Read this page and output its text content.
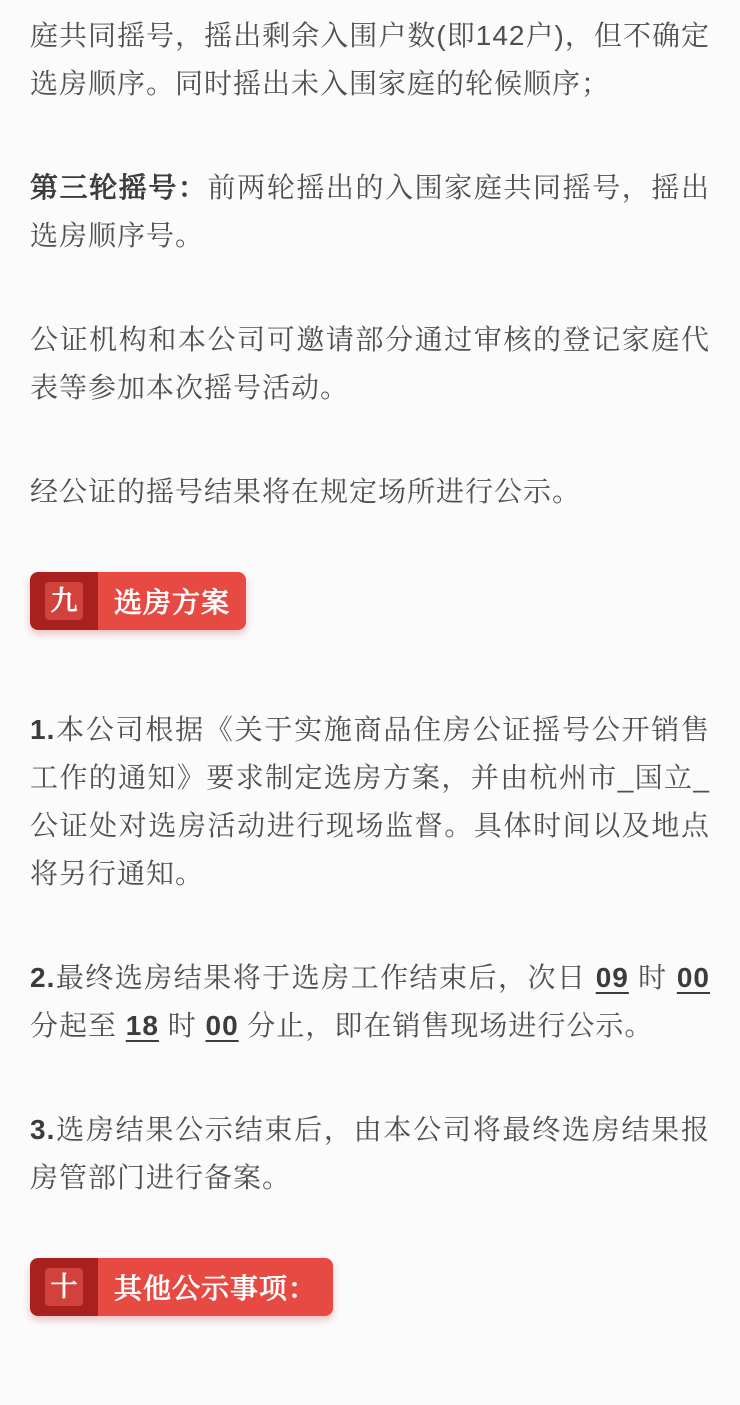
庭共同摇号，摇出剩余入围户数(即142户)，但不确定选房顺序。同时摇出未入围家庭的轮候顺序；

第三轮摇号：前两轮摇出的入围家庭共同摇号，摇出选房顺序号。

公证机构和本公司可邀请部分通过审核的登记家庭代表等参加本次摇号活动。

经公证的摇号结果将在规定场所进行公示。

九	选房方案

1.本公司根据《关于实施商品住房公证摇号公开销售工作的通知》要求制定选房方案，并由杭州市_国立_公证处对选房活动进行现场监督。具体时间以及地点将另行通知。

2.最终选房结果将于选房工作结束后，次日 09 时 00 分起至 18 时 00 分止，即在销售现场进行公示。

3.选房结果公示结束后，由本公司将最终选房结果报房管部门进行备案。

十	其他公示事项：
